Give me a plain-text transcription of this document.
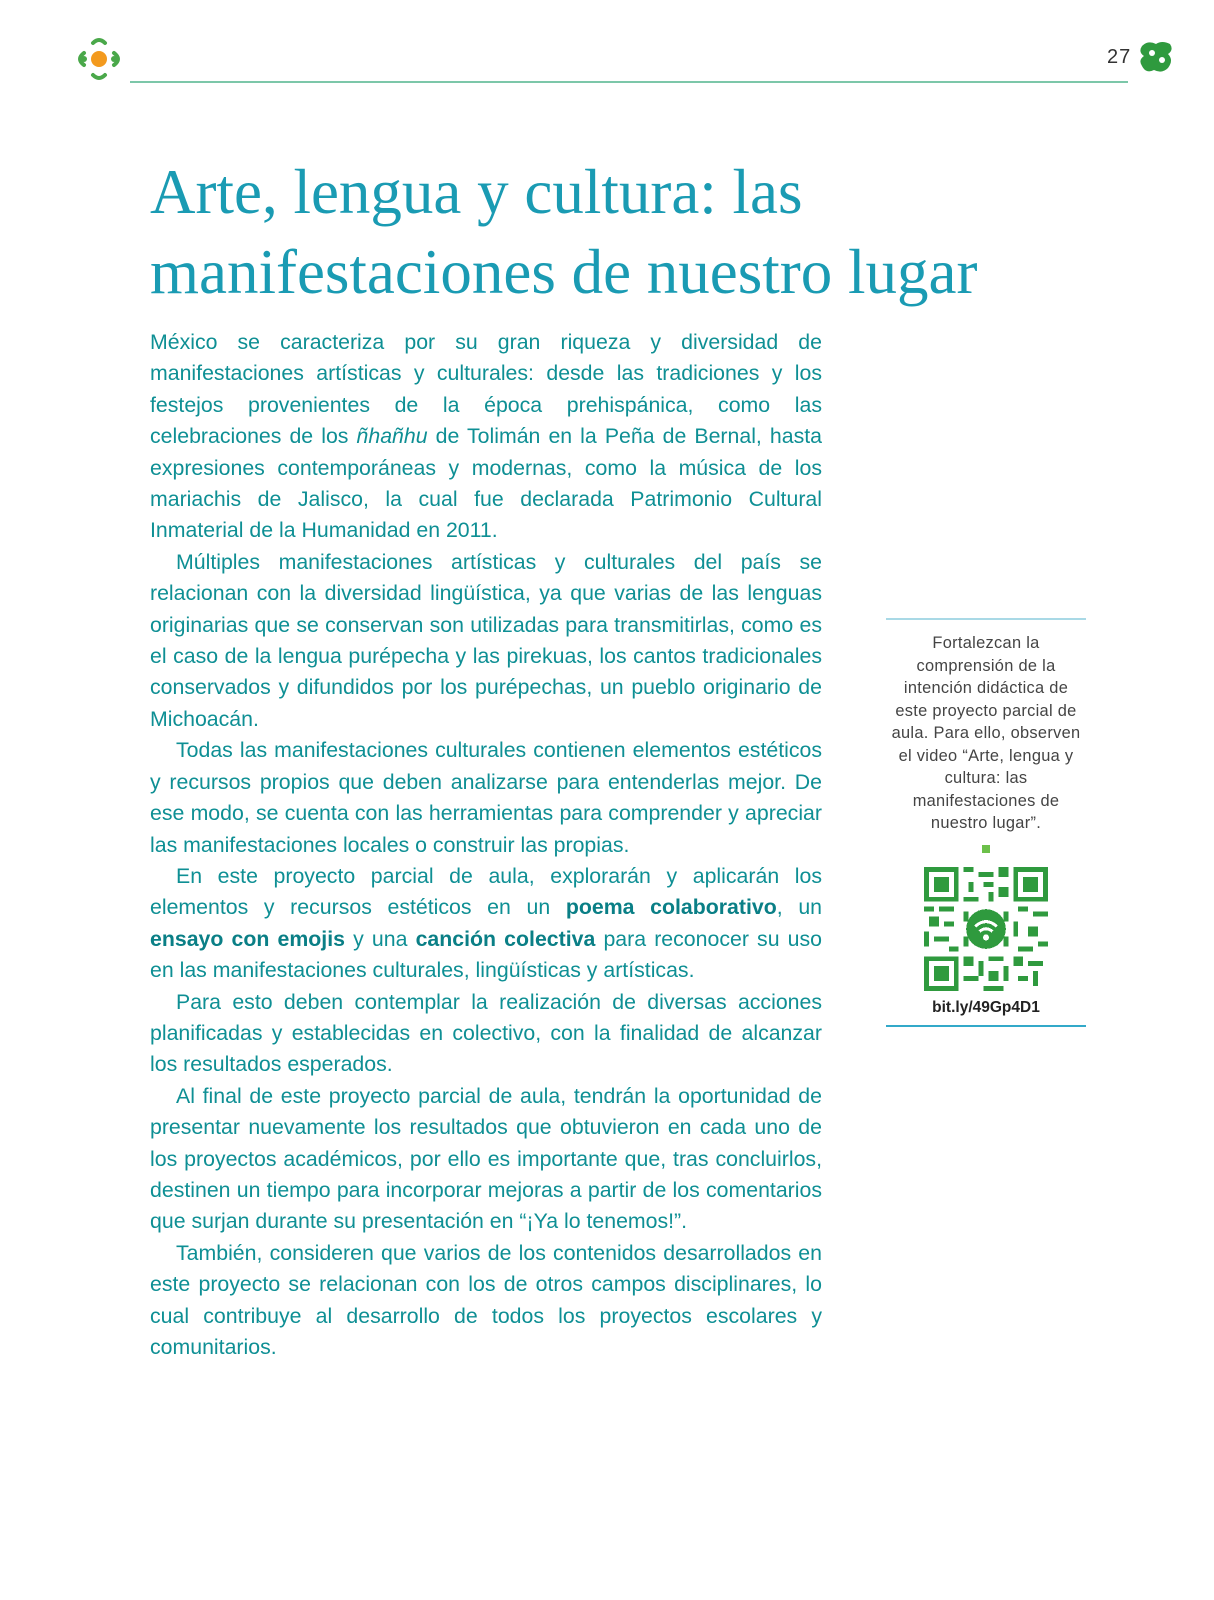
27
Arte, lengua y cultura: las
manifestaciones de nuestro lugar

México se caracteriza por su gran riqueza y diversidad de manifestaciones artísticas y culturales: desde las tradiciones y los festejos provenientes de la época prehispánica, como las celebraciones de los ñhañhu de Tolimán en la Peña de Bernal, hasta expresiones contemporáneas y modernas, como la música de los mariachis de Jalisco, la cual fue declarada Patrimonio Cultural Inmaterial de la Humanidad en 2011.

Múltiples manifestaciones artísticas y culturales del país se relacionan con la diversidad lingüística, ya que varias de las lenguas originarias que se conservan son utilizadas para transmitirlas, como es el caso de la lengua purépecha y las pirekuas, los cantos tradicionales conservados y difundidos por los purépechas, un pueblo originario de Michoacán.

Todas las manifestaciones culturales contienen elementos estéticos y recursos propios que deben analizarse para entenderlas mejor. De ese modo, se cuenta con las herramientas para comprender y apreciar las manifestaciones locales o construir las propias.

En este proyecto parcial de aula, explorarán y aplicarán los elementos y recursos estéticos en un poema colaborativo, un ensayo con emojis y una canción colectiva para reconocer su uso en las manifestaciones culturales, lingüísticas y artísticas.

Para esto deben contemplar la realización de diversas acciones planificadas y establecidas en colectivo, con la finalidad de alcanzar los resultados esperados.

Al final de este proyecto parcial de aula, tendrán la oportunidad de presentar nuevamente los resultados que obtuvieron en cada uno de los proyectos académicos, por ello es importante que, tras concluirlos, destinen un tiempo para incorporar mejoras a partir de los comentarios que surjan durante su presentación en “¡Ya lo tenemos!”.

También, consideren que varios de los contenidos desarrollados en este proyecto se relacionan con los de otros campos disciplinares, lo cual contribuye al desarrollo de todos los proyectos escolares y comunitarios.

Fortalezcan la comprensión de la intención didáctica de este proyecto parcial de aula. Para ello, observen el video “Arte, lengua y cultura: las manifestaciones de nuestro lugar”.

bit.ly/49Gp4D1
